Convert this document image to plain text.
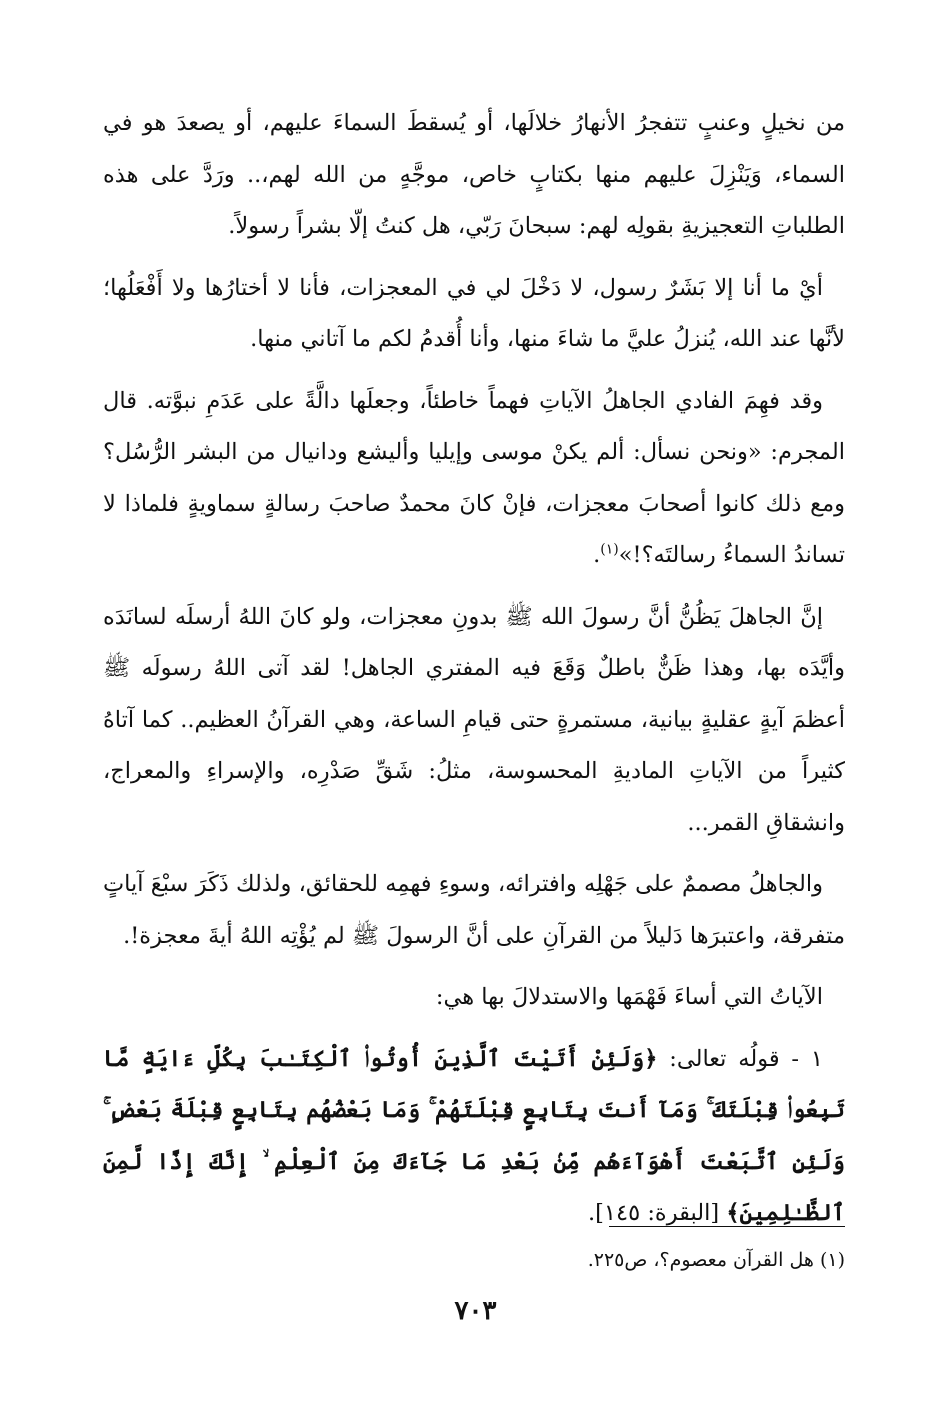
من نخيلٍ وعنبٍ تتفجرُ الأنهارُ خلالَها، أو يُسقطَ السماءَ عليهم، أو يصعدَ هو في السماء، وَيَنْزِلَ عليهم منها بكتابٍ خاص، موجَّهٍ من الله لهم،.. ورَدَّ على هذه الطلباتِ التعجيزيةِ بقولِه لهم: سبحانَ رَبّي، هل كنتُ إلّا بشراً رسولاً.

أيْ ما أنا إلا بَشَرٌ رسول، لا دَخْلَ لي في المعجزات، فأنا لا أختارُها ولا أَفْعَلُها؛ لأنَّها عند الله، يُنزلُ عليَّ ما شاءَ منها، وأنا أُقدمُ لكم ما آتاني منها.

وقد فهِمَ الفادي الجاهلُ الآياتِ فهماً خاطئاً، وجعلَها دالَّةً على عَدَمِ نبوَّته. قال المجرم: «ونحن نسأل: ألم يكنْ موسى وإيليا وأليشع ودانيال من البشر الرُّسُل؟ ومع ذلك كانوا أصحابَ معجزات، فإنْ كانَ محمدٌ صاحبَ رسالةٍ سماويةٍ فلماذا لا تساندُ السماءُ رسالتَه؟!»$^{(١)}$.

إنَّ الجاهلَ يَظُنُّ أنَّ رسولَ الله ﷺ بدونِ معجزات، ولو كانَ اللهُ أرسلَه لسانَدَه وأيَّدَه بها، وهذا ظَنٌّ باطلٌ وَقَعَ فيه المفتري الجاهل! لقد آتى اللهُ رسولَه ﷺ أعظمَ آيةٍ عقليةٍ بيانية، مستمرةٍ حتى قيامِ الساعة، وهي القرآنُ العظيم.. كما آتاهُ كثيراً من الآياتِ الماديةِ المحسوسة، مثلُ: شَقِّ صَدْرِه، والإسراءِ والمعراج، وانشقاقِ القمر...

والجاهلُ مصممٌ على جَهْلِه وافترائه، وسوءِ فهمِه للحقائق، ولذلك ذَكَرَ سبْعَ آياتٍ متفرقة، واعتبرَها دَليلاً من القرآنِ على أنَّ الرسولَ ﷺ لم يُؤْتِه اللهُ أيةَ معجزة!.

الآياتُ التي أساءَ فَهْمَها والاستدلالَ بها هي:

١ - قولُه تعالى: ﴿وَلَئِنْ أَتَيْتَ ٱلَّذِينَ أُوتُوا۟ ٱلْكِتَـٰبَ بِكُلِّ ءَايَةٍ مَّا تَبِعُوا۟ قِبْلَتَكَ ۚ وَمَآ أَنتَ بِتَابِعٍ قِبْلَتَهُمْ ۚ وَمَا بَعْضُهُم بِتَابِعٍ قِبْلَةَ بَعْضٍ ۚ وَلَئِنِ ٱتَّبَعْتَ أَهْوَآءَهُم مِّنۢ بَعْدِ مَا جَآءَكَ مِنَ ٱلْعِلْمِ ۙ إِنَّكَ إِذًا لَّمِنَ ٱلظَّـٰلِمِينَ﴾ [البقرة: ١٤٥].

(١) هل القرآن معصوم؟، ص٢٢٥.
٧٠٣
